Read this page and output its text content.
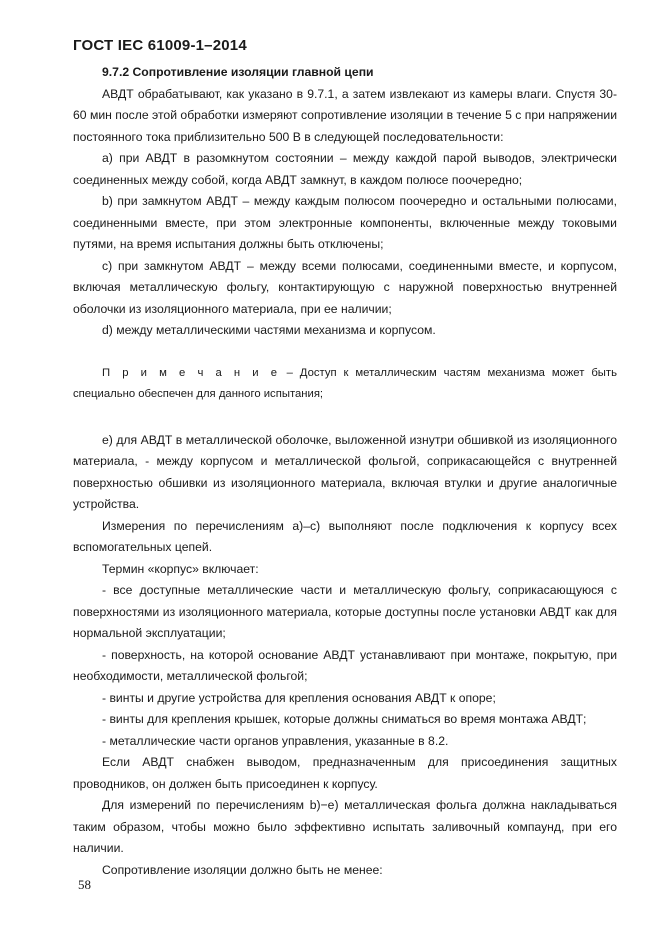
ГОСТ IEC 61009-1–2014

9.7.2 Сопротивление изоляции главной цепи

АВДТ обрабатывают, как указано в 9.7.1, а затем извлекают из камеры влаги. Спустя 30-60 мин после этой обработки измеряют сопротивление изоляции в течение 5 с при напряжении постоянного тока приблизительно 500 В в следующей последовательности:

а) при АВДТ в разомкнутом состоянии – между каждой парой выводов, электрически соединенных между собой, когда АВДТ замкнут, в каждом полюсе поочередно;

b) при замкнутом АВДТ – между каждым полюсом поочередно и остальными полюсами, соединенными вместе, при этом электронные компоненты, включенные между токовыми путями, на время испытания должны быть отключены;

с) при замкнутом АВДТ – между всеми полюсами, соединенными вместе, и корпусом, включая металлическую фольгу, контактирующую с наружной поверхностью внутренней оболочки из изоляционного материала, при ее наличии;

d) между металлическими частями механизма и корпусом.

П р и м е ч а н и е – Доступ к металлическим частям механизма может быть специально обеспечен для данного испытания;

е) для АВДТ в металлической оболочке, выложенной изнутри обшивкой из изоляционного материала, - между корпусом и металлической фольгой, соприкасающейся с внутренней поверхностью обшивки из изоляционного материала, включая втулки и другие аналогичные устройства.

Измерения по перечислениям а)–с) выполняют после подключения к корпусу всех вспомогательных цепей.

Термин «корпус» включает:

- все доступные металлические части и металлическую фольгу, соприкасающуюся с поверхностями из изоляционного материала, которые доступны после установки АВДТ как для нормальной эксплуатации;

- поверхность, на которой основание АВДТ устанавливают при монтаже, покрытую, при необходимости, металлической фольгой;

- винты и другие устройства для крепления основания АВДТ к опоре;

- винты для крепления крышек, которые должны сниматься во время монтажа АВДТ;

- металлические части органов управления, указанные в 8.2.

Если АВДТ снабжен выводом, предназначенным для присоединения защитных проводников, он должен быть присоединен к корпусу.

Для измерений по перечислениям b)−е) металлическая фольга должна накладываться таким образом, чтобы можно было эффективно испытать заливочный компаунд, при его наличии.

Сопротивление изоляции должно быть не менее:

58
